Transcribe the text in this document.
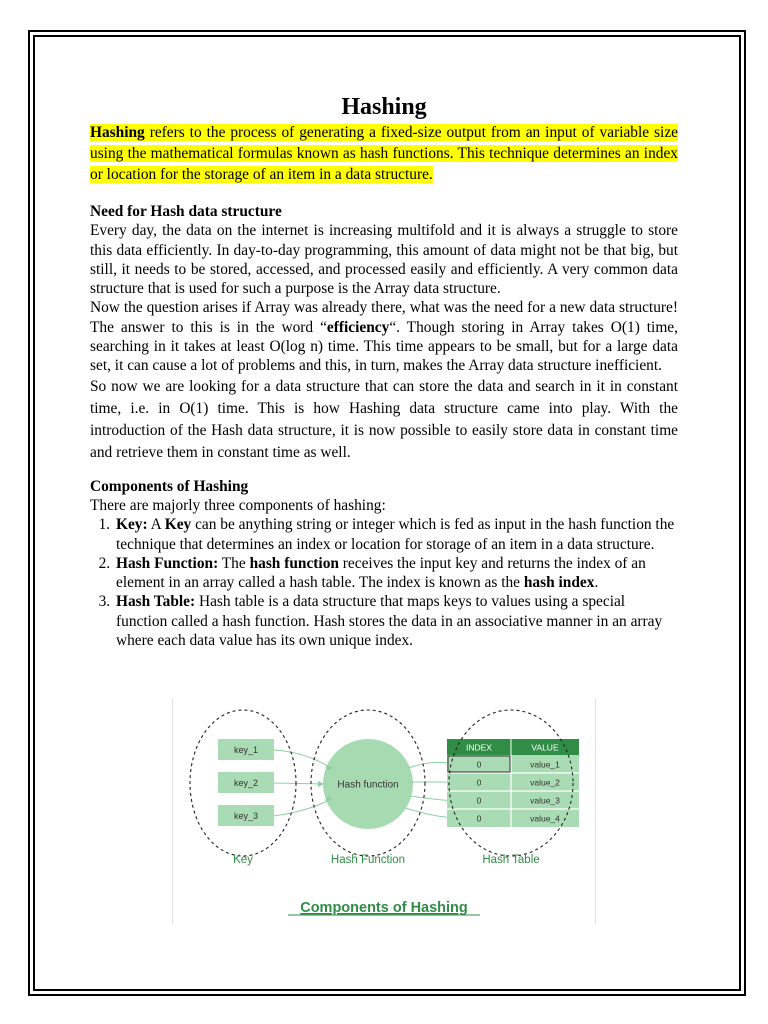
Hashing

Hashing refers to the process of generating a fixed-size output from an input of variable size using the mathematical formulas known as hash functions. This technique determines an index or location for the storage of an item in a data structure.

Need for Hash data structure

Every day, the data on the internet is increasing multifold and it is always a struggle to store this data efficiently. In day-to-day programming, this amount of data might not be that big, but still, it needs to be stored, accessed, and processed easily and efficiently. A very common data structure that is used for such a purpose is the Array data structure.

Now the question arises if Array was already there, what was the need for a new data structure! The answer to this is in the word “efficiency“. Though storing in Array takes O(1) time, searching in it takes at least O(log n) time. This time appears to be small, but for a large data set, it can cause a lot of problems and this, in turn, makes the Array data structure inefficient.

So now we are looking for a data structure that can store the data and search in it in constant time, i.e. in O(1) time. This is how Hashing data structure came into play. With the introduction of the Hash data structure, it is now possible to easily store data in constant time and retrieve them in constant time as well.

Components of Hashing

There are majorly three components of hashing:

1. Key: A Key can be anything string or integer which is fed as input in the hash function the technique that determines an index or location for storage of an item in a data structure.
2. Hash Function: The hash function receives the input key and returns the index of an element in an array called a hash table. The index is known as the hash index.
3. Hash Table: Hash table is a data structure that maps keys to values using a special function called a hash function. Hash stores the data in an associative manner in an array where each data value has its own unique index.
Hash function
key_1
key_2
key_3
INDEX	VALUE
0	value_1
0	value_2
0	value_3
0	value_4
Key	Hash Function	Hash Table
Components of Hashing
